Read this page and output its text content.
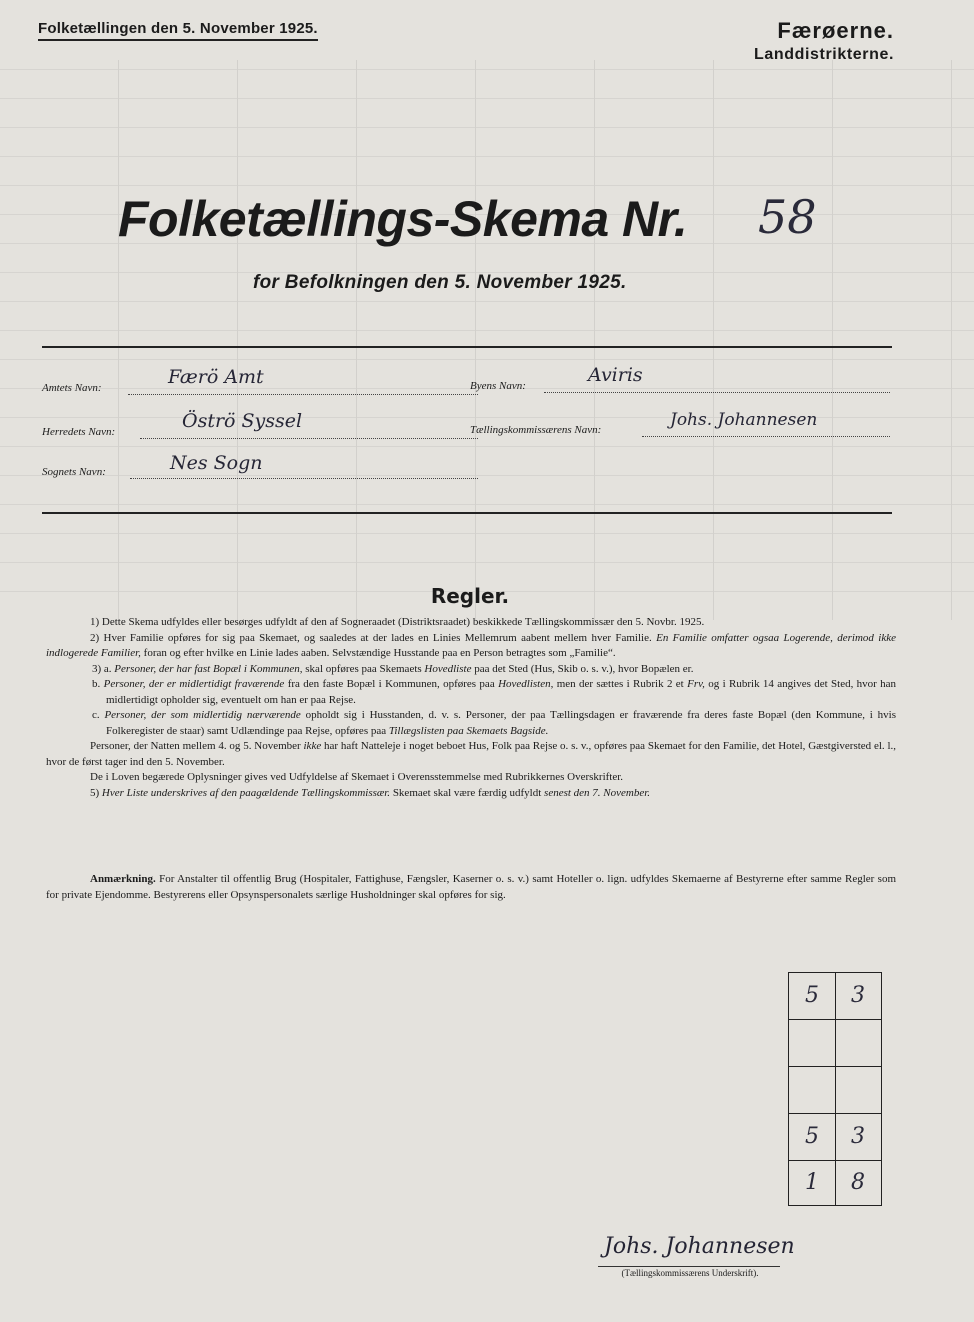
Folketællingen den 5. November 1925.	Færøerne.
Landdistrikterne.
Folketællings-Skema Nr. 58
for Befolkningen den 5. November 1925.
Amtets Navn:	Færö Amt
Herredets Navn:	Öströ Syssel
Sognets Navn:	Nes Sogn
Byens Navn:	Aviris
Tællingskommissærens Navn:	Johs. Johannesen
Regler.

1) Dette Skema udfyldes eller besørges udfyldt af den af Sogneraadet (Distriktsraadet) beskikkede Tællingskommissær den 5. Novbr. 1925.

2) Hver Familie opføres for sig paa Skemaet, og saaledes at der lades en Linies Mellemrum aabent mellem hver Familie. En Familie omfatter ogsaa Logerende, derimod ikke indlogerede Familier, foran og efter hvilke en Linie lades aaben. Selvstændige Husstande paa en Person betragtes som „Familie“.

3) a. Personer, der har fast Bopæl i Kommunen, skal opføres paa Skemaets Hovedliste paa det Sted (Hus, Skib o. s. v.), hvor Bopælen er.

b. Personer, der er midlertidigt fraværende fra den faste Bopæl i Kommunen, opføres paa Hovedlisten, men der sættes i Rubrik 2 et Frv, og i Rubrik 14 angives det Sted, hvor han midlertidigt opholder sig, eventuelt om han er paa Rejse.

c. Personer, der som midlertidig nærværende opholdt sig i Husstanden, d. v. s. Personer, der paa Tællingsdagen er fraværende fra deres faste Bopæl (den Kommune, i hvis Folkeregister de staar) samt Udlændinge paa Rejse, opføres paa Tillægslisten paa Skemaets Bagside.

Personer, der Natten mellem 4. og 5. November ikke har haft Natteleje i noget beboet Hus, Folk paa Rejse o. s. v., opføres paa Skemaet for den Familie, det Hotel, Gæstgiversted el. l., hvor de først tager ind den 5. November.

De i Loven begærede Oplysninger gives ved Udfyldelse af Skemaet i Overensstemmelse med Rubrikkernes Overskrifter.

5) Hver Liste underskrives af den paagældende Tællingskommissær. Skemaet skal være færdig udfyldt senest den 7. November.

Anmærkning. For Anstalter til offentlig Brug (Hospitaler, Fattighuse, Fængsler, Kaserner o. s. v.) samt Hoteller o. lign. udfyldes Skemaerne af Bestyrerne efter samme Regler som for private Ejendomme. Bestyrerens eller Opsynspersonalets særlige Husholdninger skal opføres for sig.

5	3
5	3
1	8
Johs. Johannesen
(Tællingskommissærens Underskrift).
